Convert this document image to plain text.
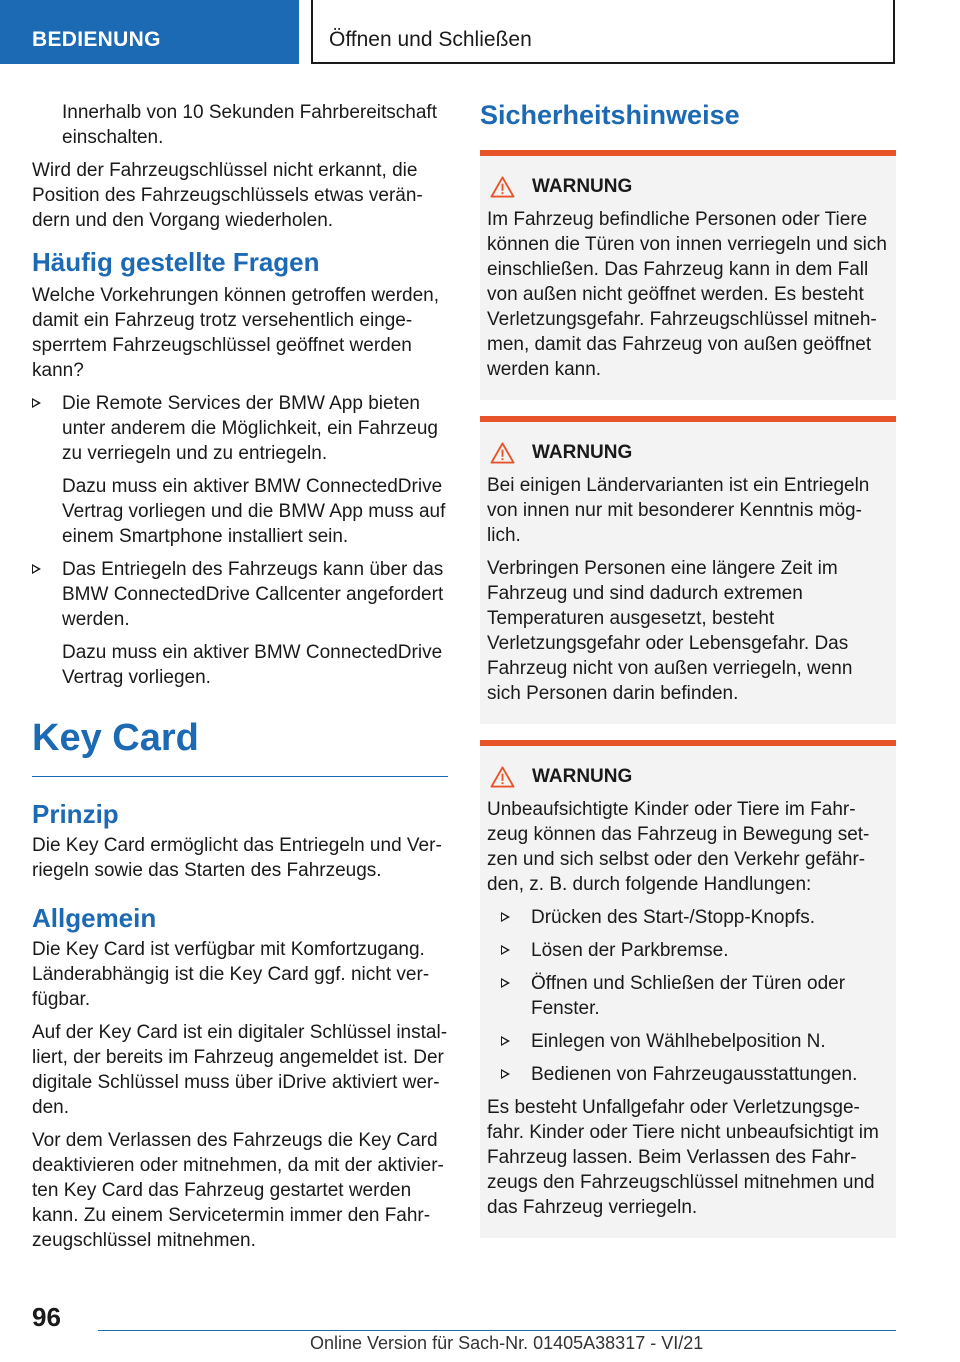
BEDIENUNG	Öffnen und Schließen

Innerhalb von 10 Sekunden Fahrbereitschaft einschalten.

Wird der Fahrzeugschlüssel nicht erkannt, die Position des Fahrzeugschlüssels etwas verändern und den Vorgang wiederholen.

Häufig gestellte Fragen

Welche Vorkehrungen können getroffen werden, damit ein Fahrzeug trotz versehentlich eingesperrtem Fahrzeugschlüssel geöffnet werden kann?

Die Remote Services der BMW App bieten unter anderem die Möglichkeit, ein Fahrzeug zu verriegeln und zu entriegeln.

Dazu muss ein aktiver BMW ConnectedDrive Vertrag vorliegen und die BMW App muss auf einem Smartphone installiert sein.

Das Entriegeln des Fahrzeugs kann über das BMW ConnectedDrive Callcenter angefordert werden.

Dazu muss ein aktiver BMW ConnectedDrive Vertrag vorliegen.

Key Card
Prinzip

Die Key Card ermöglicht das Entriegeln und Verriegeln sowie das Starten des Fahrzeugs.

Allgemein

Die Key Card ist verfügbar mit Komfortzugang. Länderabhängig ist die Key Card ggf. nicht verfügbar.

Auf der Key Card ist ein digitaler Schlüssel installiert, der bereits im Fahrzeug angemeldet ist. Der digitale Schlüssel muss über iDrive aktiviert werden.

Vor dem Verlassen des Fahrzeugs die Key Card deaktivieren oder mitnehmen, da mit der aktivierten Key Card das Fahrzeug gestartet werden kann. Zu einem Servicetermin immer den Fahrzeugschlüssel mitnehmen.

Sicherheitshinweise
WARNUNG

Im Fahrzeug befindliche Personen oder Tiere können die Türen von innen verriegeln und sich einschließen. Das Fahrzeug kann in dem Fall von außen nicht geöffnet werden. Es besteht Verletzungsgefahr. Fahrzeugschlüssel mitnehmen, damit das Fahrzeug von außen geöffnet werden kann.

WARNUNG

Bei einigen Ländervarianten ist ein Entriegeln von innen nur mit besonderer Kenntnis möglich.

Verbringen Personen eine längere Zeit im Fahrzeug und sind dadurch extremen Temperaturen ausgesetzt, besteht Verletzungsgefahr oder Lebensgefahr. Das Fahrzeug nicht von außen verriegeln, wenn sich Personen darin befinden.

WARNUNG

Unbeaufsichtigte Kinder oder Tiere im Fahrzeug können das Fahrzeug in Bewegung setzen und sich selbst oder den Verkehr gefährden, z. B. durch folgende Handlungen:

Drücken des Start-/Stopp-Knopfs.

Lösen der Parkbremse.

Öffnen und Schließen der Türen oder Fenster.

Einlegen von Wählhebelposition N.

Bedienen von Fahrzeugausstattungen.

Es besteht Unfallgefahr oder Verletzungsgefahr. Kinder oder Tiere nicht unbeaufsichtigt im Fahrzeug lassen. Beim Verlassen des Fahrzeugs den Fahrzeugschlüssel mitnehmen und das Fahrzeug verriegeln.

96
Online Version für Sach-Nr. 01405A38317 - VI/21
